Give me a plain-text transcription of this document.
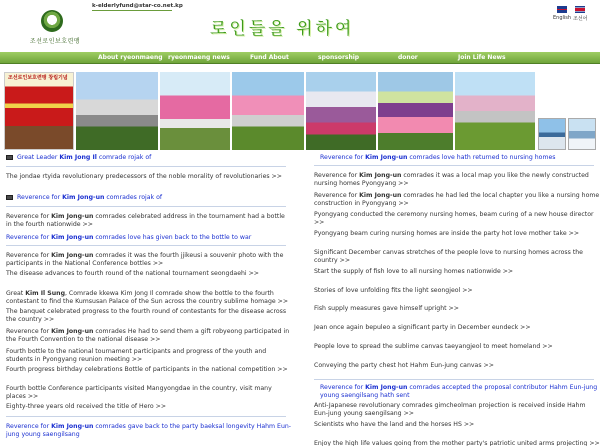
조선로인보호련맹
k-elderlyfund@star-co.net.kp
로인들을 위하여
English 조선어
About ryeonmaeng ryeonmaeng news	Fund About	sponsorship	donor	Join Life News
조선로인보호련맹 창립기념
Great Leader Kim Jong Il comrade rojak of
The jondae rtyida revolutionary predecessors of the noble morality of revolutionaries >>
Reverence for Kim Jong-un comrades rojak of
Reverence for Kim Jong-un comrades celebrated address in the tournament had a bottle in the fourth nationwide >>
Reverence for Kim Jong-un comrades love has given back to the bottle to war
Reverence for Kim Jong-un comrades it was the fourth jjikeusi a souvenir photo with the participants in the National Conference bottles >>
The disease advances to fourth round of the national tournament seongdaehi >>
Great Kim Il Sung, Comrade kkewa Kim Jong Il comrade show the bottle to the fourth contestant to find the Kumsusan Palace of the Sun across the country sublime homage >>
The banquet celebrated progress to the fourth round of contestants for the disease across the country >>
Reverence for Kim Jong-un comrades He had to send them a gift robyeong participated in the Fourth Convention to the national disease >>
Fourth bottle to the national tournament participants and progress of the youth and students in Pyongyang reunion meeting >>
Fourth progress birthday celebrations Bottle of participants in the national competition >>
Fourth bottle Conference participants visited Mangyongdae in the country, visit many places >>
Eighty-three years old received the title of Hero >>
Reverence for Kim Jong-un comrades gave back to the party baeksal longevity Hahm Eun-jung young saengilsang
Reverence for Kim Jong-un comrades love hath returned to nursing homes
Reverence for Kim Jong-un comrades it was a local map you like the newly constructed nursing homes Pyongyang >>
Reverence for Kim Jong-un comrades he had led the local chapter you like a nursing home construction in Pyongyang >>
Pyongyang conducted the ceremony nursing homes, beam curing of a new house director >>
Pyongyang beam curing nursing homes are inside the party hot love mother take >>
Significant December canvas stretches of the people love to nursing homes across the country >>
Start the supply of fish love to all nursing homes nationwide >>
Stories of love unfolding fits the light seongjeol >>
Fish supply measures gave himself upright >>
Jean once again bepuleo a significant party in December eundeck >>
People love to spread the sublime canvas taeyangjeol to meet homeland >>
Conveying the party chest hot Hahm Eun-jung canvas >>
Reverence for Kim Jong-un comrades accepted the proposal contributor Hahm Eun-jung young saengilsang hath sent
Anti-Japanese revolutionary comrades gimcheolman projection is received inside Hahm Eun-jung young saengilsang >>
Scientists who have the land and the horses HS >>
Enjoy the high life values going from the mother party's patriotic united arms projecting >>
